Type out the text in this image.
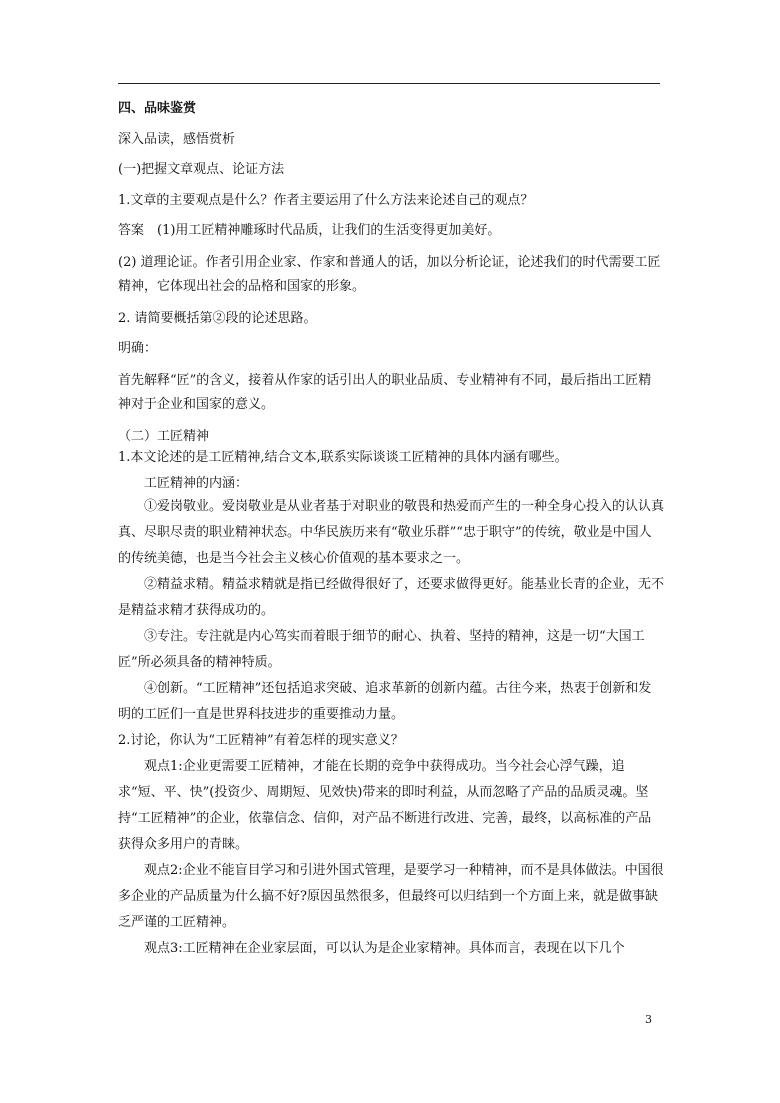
四、品味鉴赏

深入品读，感悟赏析

(一)把握文章观点、论证方法

1.文章的主要观点是什么？作者主要运用了什么方法来论述自己的观点？

答案　(1)用工匠精神雕琢时代品质，让我们的生活变得更加美好。

(2) 道理论证。作者引用企业家、作家和普通人的话，加以分析论证，论述我们的时代需要工匠精神，它体现出社会的品格和国家的形象。

2. 请简要概括第②段的论述思路。

明确：

首先解释“匠”的含义，接着从作家的话引出人的职业品质、专业精神有不同，最后指出工匠精神对于企业和国家的意义。

（二）工匠精神

1.本文论述的是工匠精神,结合文本,联系实际谈谈工匠精神的具体内涵有哪些。

工匠精神的内涵：

①爱岗敬业。爱岗敬业是从业者基于对职业的敬畏和热爱而产生的一种全身心投入的认认真真、尽职尽责的职业精神状态。中华民族历来有“敬业乐群”“忠于职守”的传统，敬业是中国人的传统美德，也是当今社会主义核心价值观的基本要求之一。

②精益求精。精益求精就是指已经做得很好了，还要求做得更好。能基业长青的企业，无不是精益求精才获得成功的。

③专注。专注就是内心笃实而着眼于细节的耐心、执着、坚持的精神，这是一切“大国工匠”所必须具备的精神特质。

④创新。“工匠精神”还包括追求突破、追求革新的创新内蕴。古往今来，热衷于创新和发明的工匠们一直是世界科技进步的重要推动力量。

2.讨论，你认为“工匠精神”有着怎样的现实意义？

观点1:企业更需要工匠精神，才能在长期的竞争中获得成功。当今社会心浮气躁，追求“短、平、快”(投资少、周期短、见效快)带来的即时利益，从而忽略了产品的品质灵魂。坚持“工匠精神”的企业，依靠信念、信仰，对产品不断进行改进、完善，最终，以高标准的产品获得众多用户的青睐。

观点2:企业不能盲目学习和引进外国式管理，是要学习一种精神，而不是具体做法。中国很多企业的产品质量为什么搞不好?原因虽然很多，但最终可以归结到一个方面上来，就是做事缺乏严谨的工匠精神。

观点3:工匠精神在企业家层面，可以认为是企业家精神。具体而言，表现在以下几个

3
